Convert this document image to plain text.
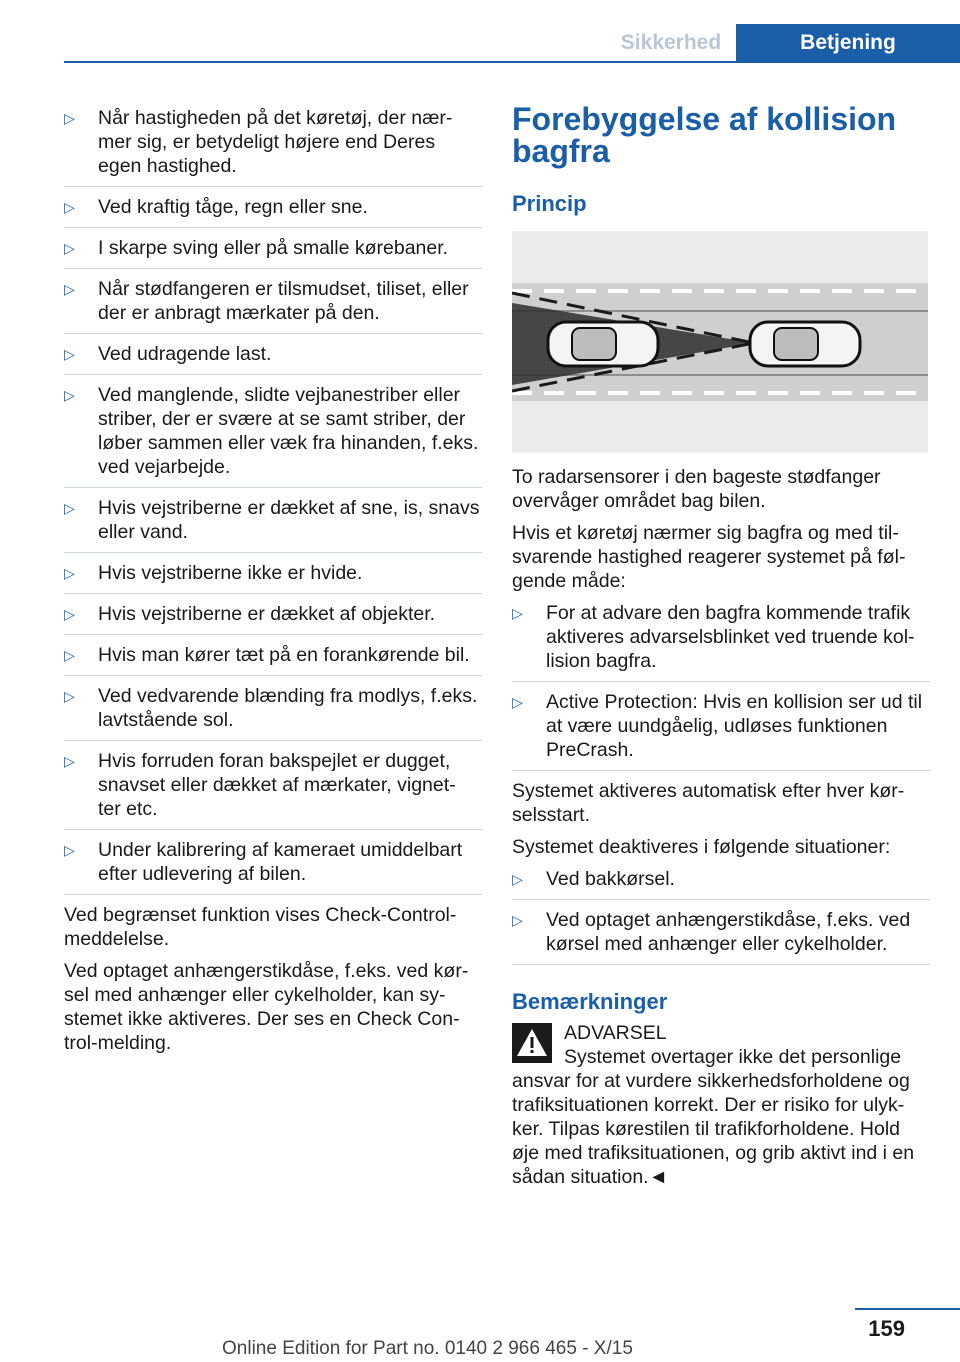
Sikkerhed	Betjening
▷	Når hastigheden på det køretøj, der nær‐ mer sig, er betydeligt højere end Deres egen hastighed.
▷	Ved kraftig tåge, regn eller sne.
▷	I skarpe sving eller på smalle kørebaner.
▷	Når stødfangeren er tilsmudset, tiliset, eller der er anbragt mærkater på den.
▷	Ved udragende last.
▷	Ved manglende, slidte vejbanestriber eller striber, der er svære at se samt striber, der løber sammen eller væk fra hinanden, f.eks. ved vejarbejde.
▷	Hvis vejstriberne er dækket af sne, is, snavs eller vand.
▷	Hvis vejstriberne ikke er hvide.
▷	Hvis vejstriberne er dækket af objekter.
▷	Hvis man kører tæt på en forankørende bil.
▷	Ved vedvarende blænding fra modlys, f.eks. lavtstående sol.
▷	Hvis forruden foran bakspejlet er dugget, snavset eller dækket af mærkater, vignet‐ ter etc.
▷	Under kalibrering af kameraet umiddelbart efter udlevering af bilen.

Ved begrænset funktion vises Check-Control- meddelelse.

Ved optaget anhængerstikdåse, f.eks. ved kør‐ sel med anhænger eller cykelholder, kan sy‐ stemet ikke aktiveres. Der ses en Check Con‐ trol-melding.

Forebyggelse af kollision bagfra
Princip

To radarsensorer i den bageste stødfanger overvåger området bag bilen.

Hvis et køretøj nærmer sig bagfra og med til‐ svarende hastighed reagerer systemet på føl‐ gende måde:

▷	For at advare den bagfra kommende trafik aktiveres advarselsblinket ved truende kol‐ lision bagfra.
▷	Active Protection: Hvis en kollision ser ud til at være uundgåelig, udløses funktionen PreCrash.

Systemet aktiveres automatisk efter hver kør‐ selsstart.

Systemet deaktiveres i følgende situationer:

▷	Ved bakkørsel.
▷	Ved optaget anhængerstikdåse, f.eks. ved kørsel med anhænger eller cykelholder.
Bemærkninger
ADVARSEL
Systemet overtager ikke det personlige ansvar for at vurdere sikkerhedsforholdene og trafiksituationen korrekt. Der er risiko for ulyk‐ ker. Tilpas kørestilen til trafikforholdene. Hold øje med trafiksituationen, og grib aktivt ind i en sådan situation.◄
159
Online Edition for Part no. 0140 2 966 465 - X/15
